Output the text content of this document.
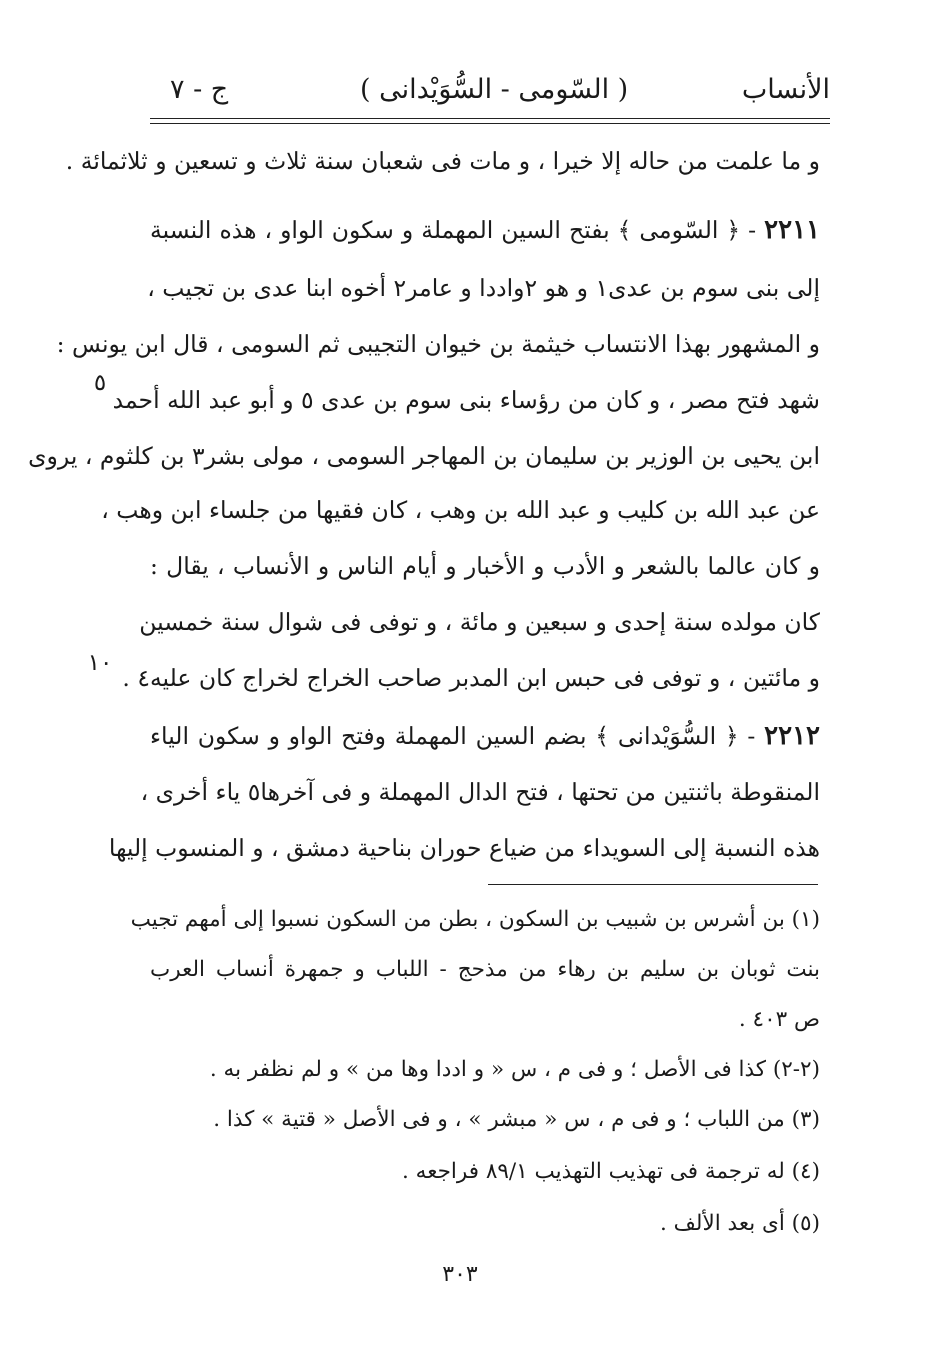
الأنساب
( السّومى - السُّوَيْدانى )
ج - ٧
و ما علمت من حاله إلا خيرا ، و مات فى شعبان سنة ثلاث و تسعين و ثلاثمائة .
٢٢١١ - ﴿ السّومى ﴾ بفتح السين المهملة و سكون الواو ، هذه النسبة
إلى بنى سوم بن عدى١ و هو ٢واددا و عامر٢ أخوه ابنا عدى بن تجيب ،
و المشهور بهذا الانتساب خيثمة بن خيوان التجيبى ثم السومى ، قال ابن يونس :
شهد فتح مصر ، و كان من رؤساء بنى سوم بن عدى ٥ و أبو عبد الله أحمد
ابن يحيى بن الوزير بن سليمان بن المهاجر السومى ، مولى بشر٣ بن كلثوم ، يروى
عن عبد الله بن كليب و عبد الله بن وهب ، كان فقيها من جلساء ابن وهب ،
و كان عالما بالشعر و الأدب و الأخبار و أيام الناس و الأنساب ، يقال :
كان مولده سنة إحدى و سبعين و مائة ، و توفى فى شوال سنة خمسين
و مائتين ، و توفى فى حبس ابن المدبر صاحب الخراج لخراج كان عليه٤ .
٢٢١٢ - ﴿ السُّوَيْدانى ﴾ بضم السين المهملة وفتح الواو و سكون الياء
المنقوطة باثنتين من تحتها ، فتح الدال المهملة و فى آخرها٥ ياء أخرى ،
هذه النسبة إلى السويداء من ضياع حوران بناحية دمشق ، و المنسوب إليها
٥
١٠
(١) بن أشرس بن شبيب بن السكون ، بطن من السكون نسبوا إلى أمهم تجيب
بنت ثوبان بن سليم بن رهاء من مذحج - اللباب و جمهرة أنساب العرب
ص ٤٠٣ .
(٢-٢) كذا فى الأصل ؛ و فى م ، س « و اددا وها من » و لم نظفر به .
(٣) من اللباب ؛ و فى م ، س « مبشر » ، و فى الأصل « قتية » كذا .
(٤) له ترجمة فى تهذيب التهذيب ٨٩/١ فراجعه .
(٥) أى بعد الألف .
٣٠٣
